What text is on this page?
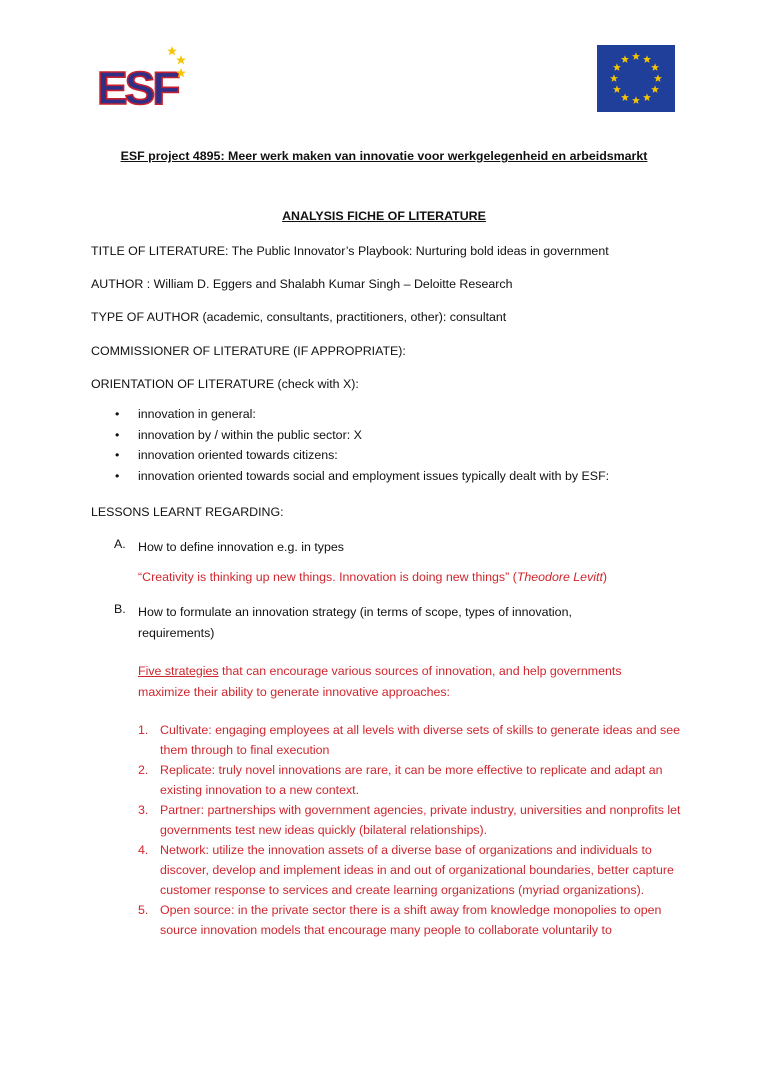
ESF
ESF project 4895: Meer werk maken van innovatie voor werkgelegenheid en arbeidsmarkt
ANALYSIS FICHE OF LITERATURE
TITLE OF LITERATURE: The Public Innovator’s Playbook: Nurturing bold ideas in government
AUTHOR : William D. Eggers and Shalabh Kumar Singh – Deloitte Research
TYPE OF AUTHOR (academic, consultants, practitioners, other): consultant
COMMISSIONER OF LITERATURE (IF APPROPRIATE):
ORIENTATION OF LITERATURE (check with X):
• innovation in general:
• innovation by / within the public sector: X
• innovation oriented towards citizens:
• innovation oriented towards social and employment issues typically dealt with by ESF:
LESSONS LEARNT REGARDING:
A. How to define innovation e.g. in types
“Creativity is thinking up new things. Innovation is doing new things” (Theodore Levitt)
B. How to formulate an innovation strategy (in terms of scope, types of innovation, requirements)
Five strategies that can encourage various sources of innovation, and help governments maximize their ability to generate innovative approaches:
1. Cultivate: engaging employees at all levels with diverse sets of skills to generate ideas and see them through to final execution
2. Replicate: truly novel innovations are rare, it can be more effective to replicate and adapt an existing innovation to a new context.
3. Partner: partnerships with government agencies, private industry, universities and nonprofits let governments test new ideas quickly (bilateral relationships).
4. Network: utilize the innovation assets of a diverse base of organizations and individuals to discover, develop and implement ideas in and out of organizational boundaries, better capture customer response to services and create learning organizations (myriad organizations).
5. Open source: in the private sector there is a shift away from knowledge monopolies to open source innovation models that encourage many people to collaborate voluntarily to
